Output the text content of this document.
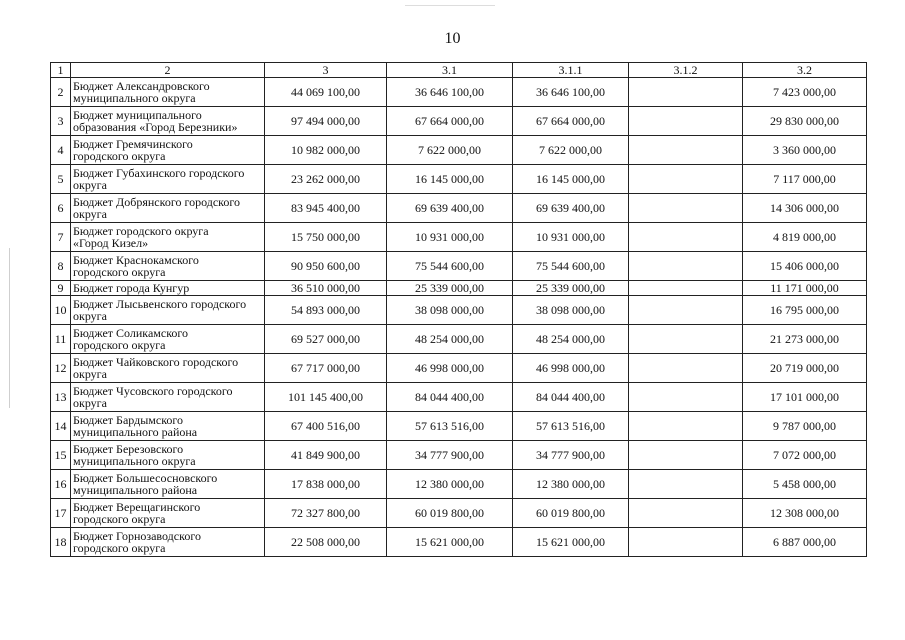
10
1	2	3	3.1	3.1.1	3.1.2	3.2
2	Бюджет Александровского
муниципального округа	44 069 100,00	36 646 100,00	36 646 100,00		7 423 000,00
3	Бюджет муниципального
образования «Город Березники»	97 494 000,00	67 664 000,00	67 664 000,00		29 830 000,00
4	Бюджет Гремячинского
городского округа	10 982 000,00	7 622 000,00	7 622 000,00		3 360 000,00
5	Бюджет Губахинского городского
округа	23 262 000,00	16 145 000,00	16 145 000,00		7 117 000,00
6	Бюджет Добрянского городского
округа	83 945 400,00	69 639 400,00	69 639 400,00		14 306 000,00
7	Бюджет городского округа
«Город Кизел»	15 750 000,00	10 931 000,00	10 931 000,00		4 819 000,00
8	Бюджет Краснокамского
городского округа	90 950 600,00	75 544 600,00	75 544 600,00		15 406 000,00
9	Бюджет города Кунгур	36 510 000,00	25 339 000,00	25 339 000,00		11 171 000,00
10	Бюджет Лысьвенского городского
округа	54 893 000,00	38 098 000,00	38 098 000,00		16 795 000,00
11	Бюджет Соликамского
городского округа	69 527 000,00	48 254 000,00	48 254 000,00		21 273 000,00
12	Бюджет Чайковского городского
округа	67 717 000,00	46 998 000,00	46 998 000,00		20 719 000,00
13	Бюджет Чусовского городского
округа	101 145 400,00	84 044 400,00	84 044 400,00		17 101 000,00
14	Бюджет Бардымского
муниципального района	67 400 516,00	57 613 516,00	57 613 516,00		9 787 000,00
15	Бюджет Березовского
муниципального округа	41 849 900,00	34 777 900,00	34 777 900,00		7 072 000,00
16	Бюджет Большесосновского
муниципального района	17 838 000,00	12 380 000,00	12 380 000,00		5 458 000,00
17	Бюджет Верещагинского
городского округа	72 327 800,00	60 019 800,00	60 019 800,00		12 308 000,00
18	Бюджет Горнозаводского
городского округа	22 508 000,00	15 621 000,00	15 621 000,00		6 887 000,00
